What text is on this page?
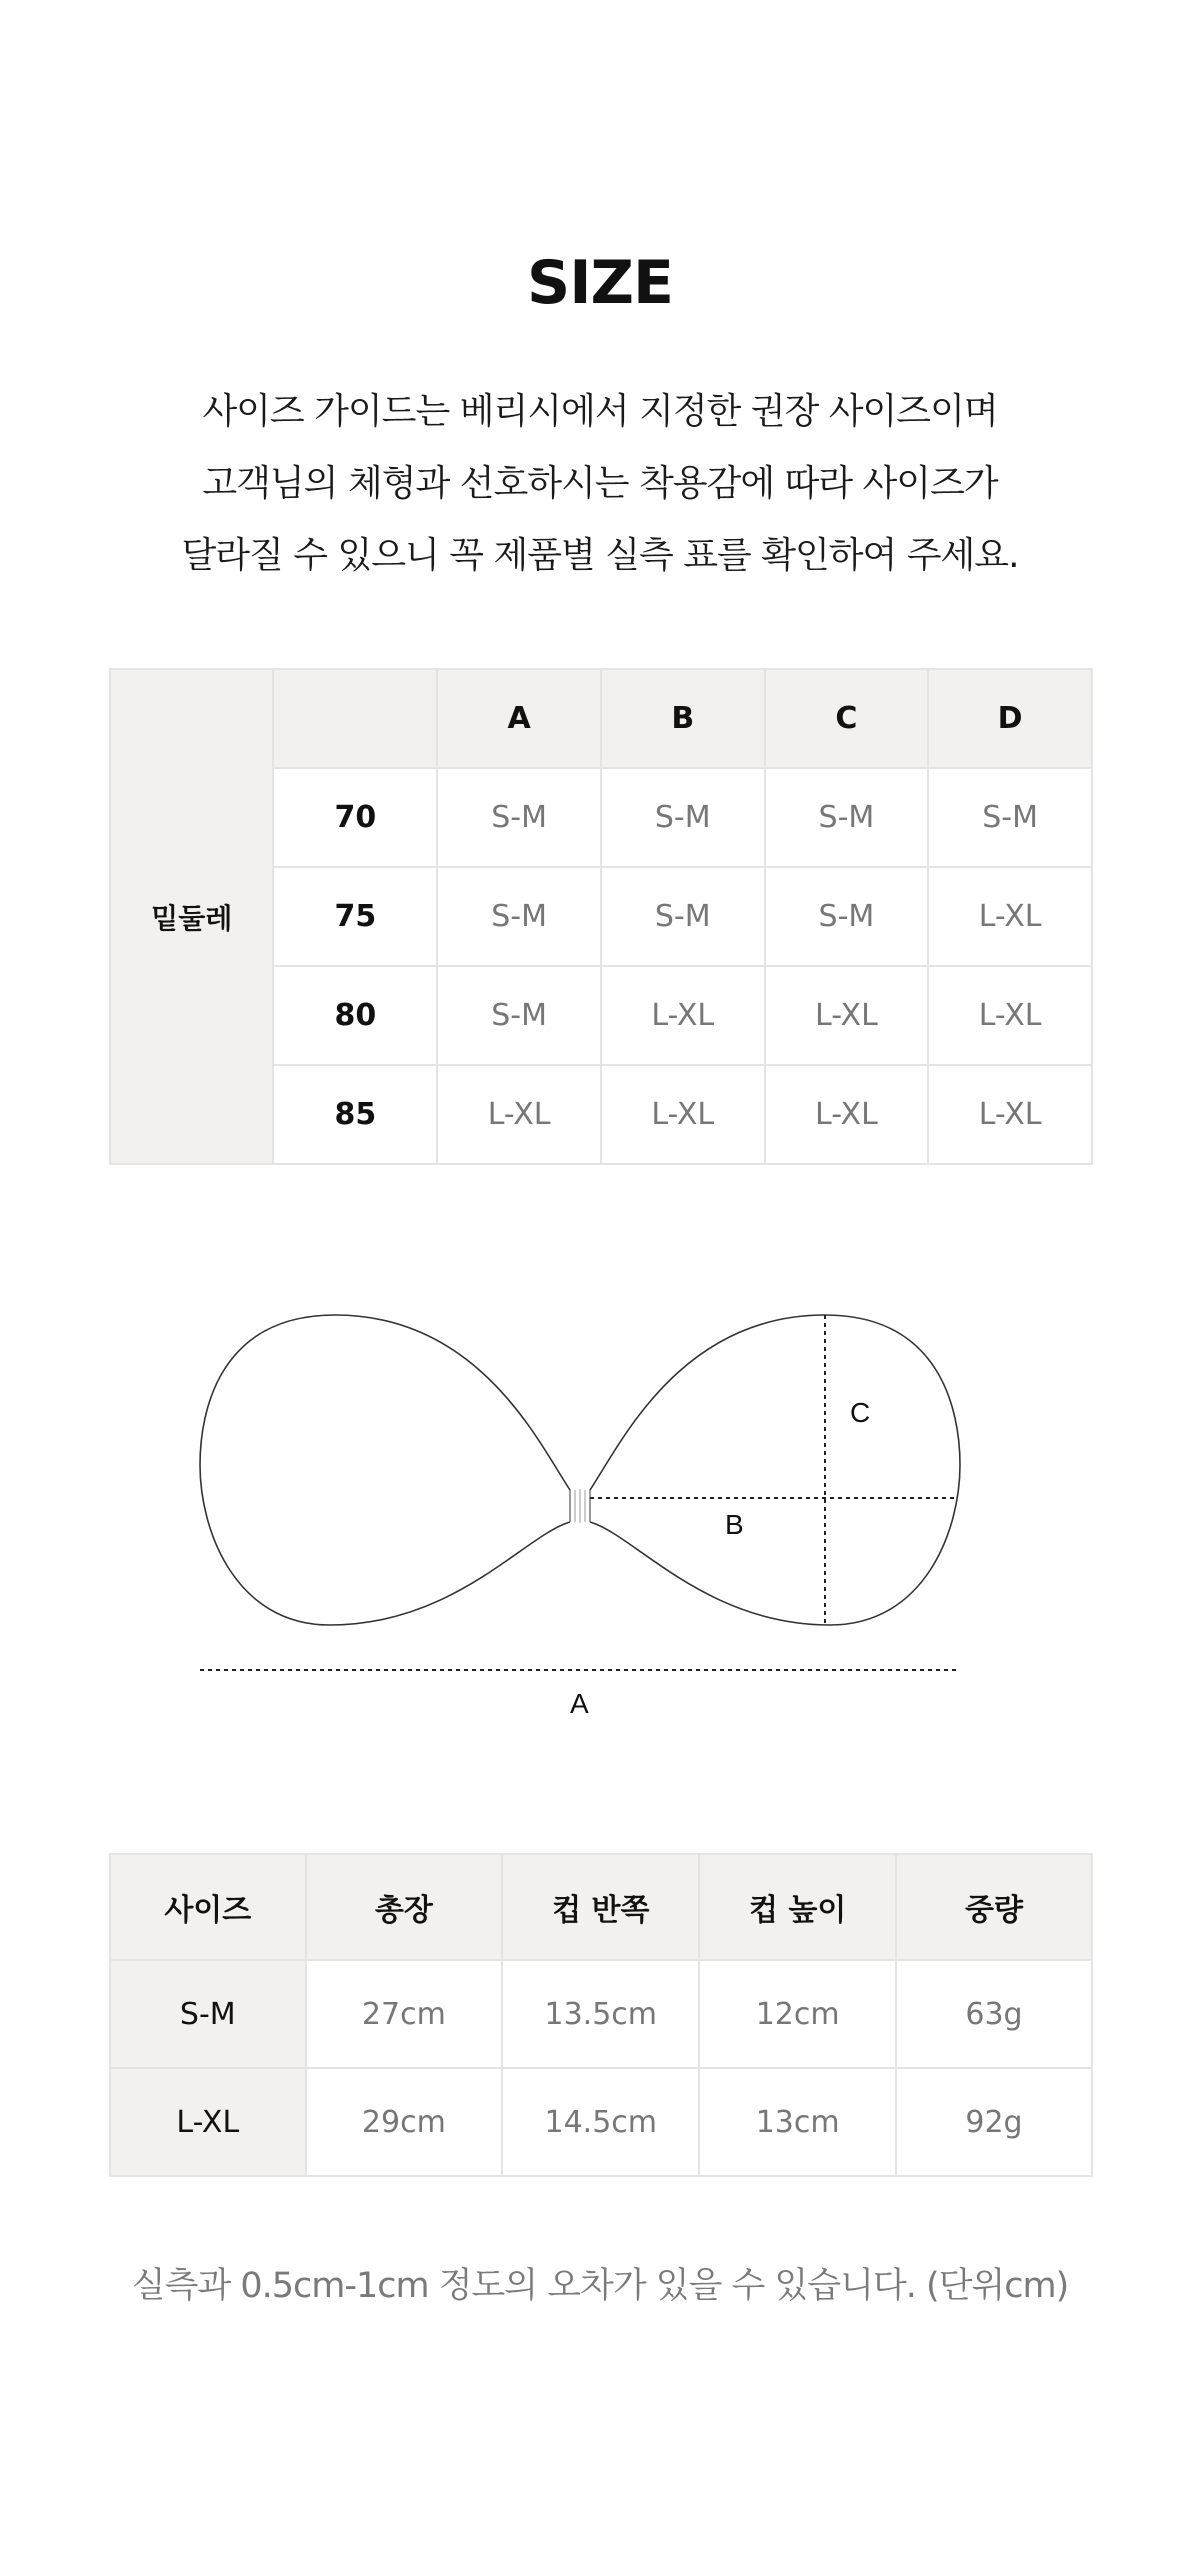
SIZE
사이즈 가이드는 베리시에서 지정한 권장 사이즈이며
고객님의 체형과 선호하시는 착용감에 따라 사이즈가
달라질 수 있으니 꼭 제품별 실측 표를 확인하여 주세요.
밑둘레		A	B	C	D
	70	S-M	S-M	S-M	S-M
	75	S-M	S-M	S-M	L-XL
	80	S-M	L-XL	L-XL	L-XL
	85	L-XL	L-XL	L-XL	L-XL
C
B
A
사이즈	총장	컵 반쪽	컵 높이	중량
S-M	27cm	13.5cm	12cm	63g
L-XL	29cm	14.5cm	13cm	92g
실측과 0.5cm-1cm 정도의 오차가 있을 수 있습니다. (단위cm)
